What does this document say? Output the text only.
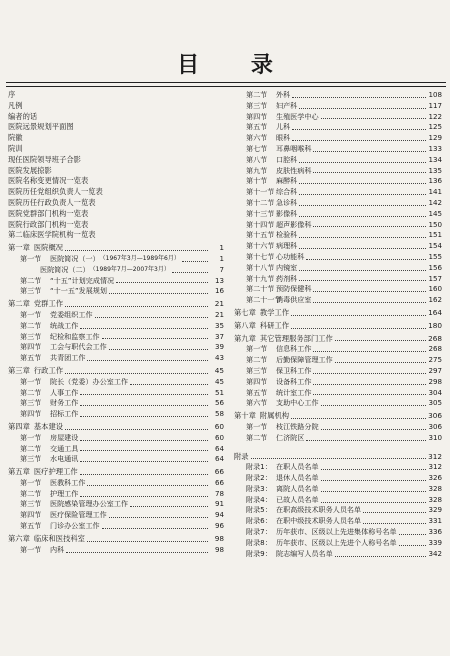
目 录
序
凡例
编者的话
医院远景规划平面图
院徽
院训
现任医院领导班子合影
医院发展掠影
医院名称变更情况一览表
医院历任党组织负责人一览表
医院历任行政负责人一览表
医院党群部门机构一览表
医院行政部门机构一览表
第二临床医学院机构一览表
第一章 医院概况	1
第一节	医院简况（一） （1967年3月—1989年6月）	1
医院简况（二） （1989年7月—2007年3月）	7
第二节	“十五”计划完成情况	13
第三节	“十一五”发展规划	16
第二章 党群工作	21
第一节	党委组织工作	21
第二节	统战工作	35
第三节	纪检和监察工作	37
第四节	工会与职代会工作	39
第五节	共青团工作	43
第三章 行政工作	45
第一节	院长（党委）办公室工作	45
第二节	人事工作	51
第三节	财务工作	56
第四节	招标工作	58
第四章 基本建设	60
第一节	房屋建设	60
第二节	交通工具	64
第三节	水电通讯	64
第五章 医疗护理工作	66
第一节	医教科工作	66
第二节	护理工作	78
第三节	医院感染管理办公室工作	91
第四节	医疗保险管理工作	94
第五节	门诊办公室工作	96
第六章 临床和医技科室	98
第一节	内科	98
第二节	外科	108
第三节	妇产科	117
第四节	生殖医学中心	122
第五节	儿科	125
第六节	眼科	129
第七节	耳鼻咽喉科	133
第八节	口腔科	134
第九节	皮肤性病科	135
第十节	麻醉科	136
第十一节 综合科	141
第十二节 急诊科	142
第十三节 影像科	145
第十四节 超声影像科	150
第十五节 检验科	151
第十六节 病理科	154
第十七节 心功能科	155
第十八节 内镜室	156
第十九节 药剂科	157
第二十节 预防保健科	160
第二十一节
消毒供应室	162
第七章 教学工作	164
第八章 科研工作	180
第九章 其它管理服务部门工作	268
第一节	信息科工作	268
第二节	后勤保障管理工作	275
第三节	保卫科工作	297
第四节	设备科工作	298
第五节	统计室工作	304
第六节	支助中心工作	305
第十章 附属机构	306
第一节	枝江铁路分院	306
第二节	仁济院区	310
附录	312
附录1： 在职人员名单	312
附录2： 退休人员名单	326
附录3： 离院人员名单	328
附录4： 已故人员名单	328
附录5： 在职高级技术职务人员名单	329
附录6： 在职中级技术职务人员名单	331
附录7： 历年获市、区级以上先进集体称号名单	336
附录8： 历年获市、区级以上先进个人称号名单	339
附录9： 院志编写人员名单	342
